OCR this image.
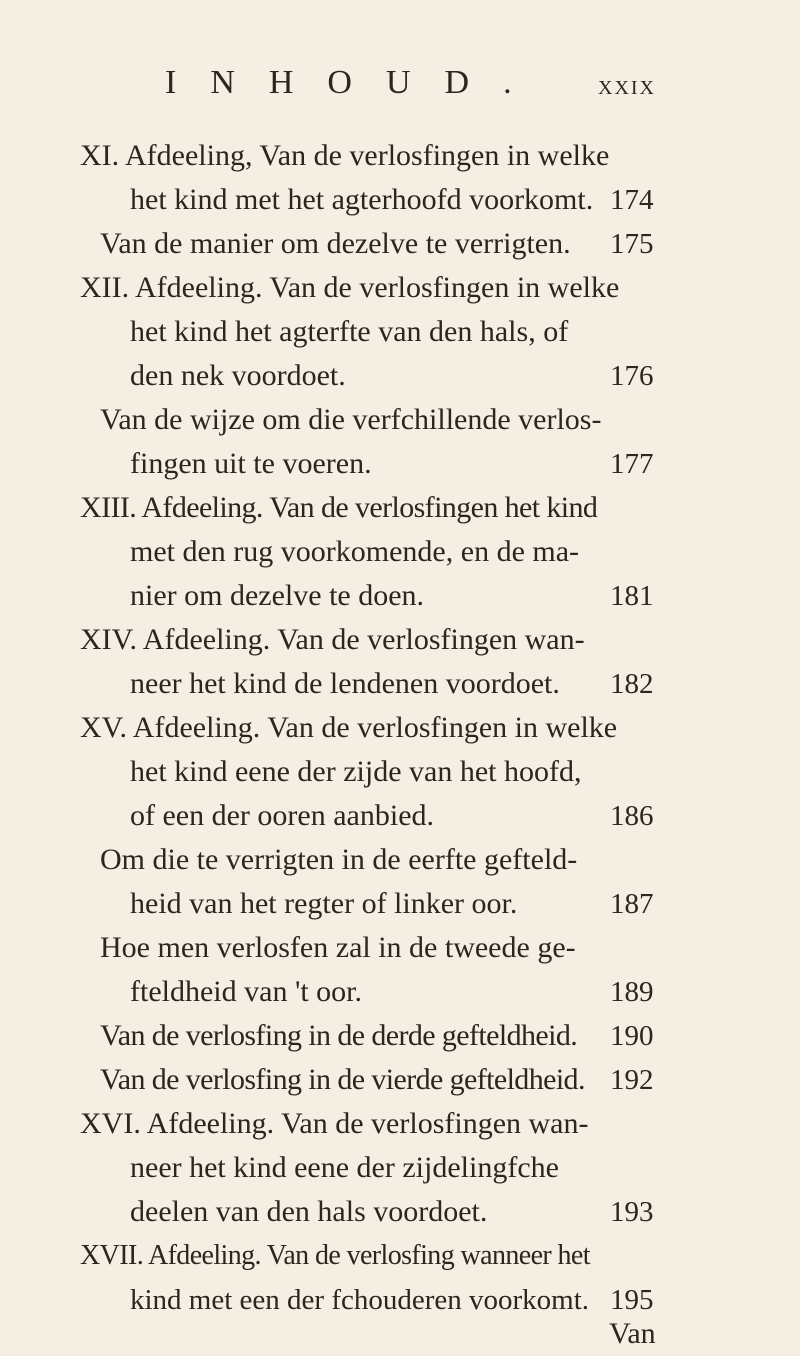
INHOUD. xxix
XI. Afdeeling, Van de verlosfingen in welke
het kind met het agterhoofd voorkomt. 174
Van de manier om dezelve te verrigten. 175
XII. Afdeeling. Van de verlosfingen in welke
het kind het agterfte van den hals, of
den nek voordoet.	176
Van de wijze om die verfchillende verlos-
fingen uit te voeren.	177
XIII. Afdeeling. Van de verlosfingen het kind
met den rug voorkomende, en de ma-
nier om dezelve te doen.	181
XIV. Afdeeling. Van de verlosfingen wan-
neer het kind de lendenen voordoet. 182
XV. Afdeeling. Van de verlosfingen in welke
het kind eene der zijde van het hoofd,
of een der ooren aanbied.	186
Om die te verrigten in de eerfte gefteld-
heid van het regter of linker oor.	187
Hoe men verlosfen zal in de tweede ge-
fteldheid van 't oor.	189
Van de verlosfing in de derde gefteldheid. 190
Van de verlosfing in de vierde gefteldheid. 192
XVI. Afdeeling. Van de verlosfingen wan-
neer het kind eene der zijdelingfche
deelen van den hals voordoet.	193
XVII. Afdeeling. Van de verlosfing wanneer het
kind met een der fchouderen voorkomt. 195
Van
